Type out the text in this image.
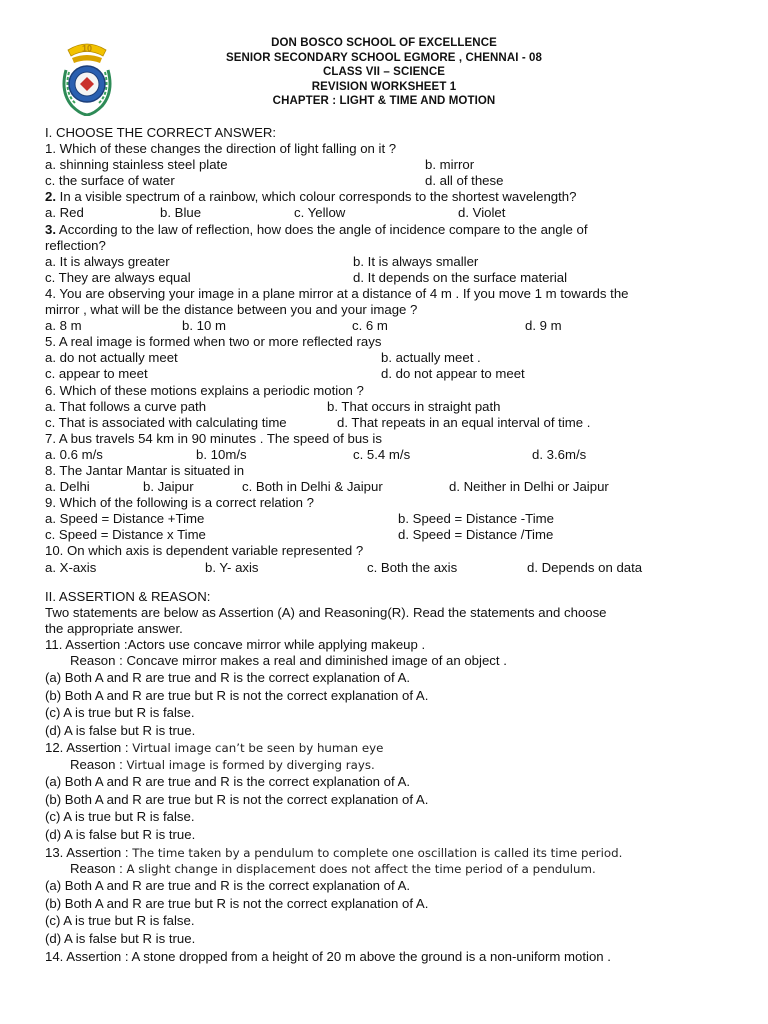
DON BOSCO SCHOOL OF EXCELLENCE
SENIOR SECONDARY SCHOOL EGMORE , CHENNAI - 08
CLASS VII – SCIENCE
REVISION WORKSHEET 1
CHAPTER : LIGHT & TIME AND MOTION
10
I. CHOOSE THE CORRECT ANSWER:
1. Which of these changes the direction of light falling on it ?
a. shinning stainless steel plate	b. mirror
c. the surface of water	d. all of these
2. In a visible spectrum of a rainbow, which colour corresponds to the shortest wavelength?
a. Red	b. Blue	c. Yellow	d. Violet
3. According to the law of reflection, how does the angle of incidence compare to the angle of
reflection?
a. It is always greater	b. It is always smaller
c. They are always equal	d. It depends on the surface material
4. You are observing your image in a plane mirror at a distance of 4 m . If you move 1 m towards the
mirror , what will be the distance between you and your image ?
a. 8 m	b. 10 m	c. 6 m	d. 9 m
5. A real image is formed when two or more reflected rays
a. do not actually meet	b. actually meet .
c. appear to meet	d. do not appear to meet
6. Which of these motions explains a periodic motion ?
a. That follows a curve path	b. That occurs in straight path
c. That is associated with calculating time	d. That repeats in an equal interval of time .
7. A bus travels 54 km in 90 minutes . The speed of bus is
a. 0.6 m/s	b. 10m/s	c. 5.4 m/s	d. 3.6m/s
8. The Jantar Mantar is situated in
a. Delhi	b. Jaipur	c. Both in Delhi & Jaipur	d. Neither in Delhi or Jaipur
9. Which of the following is a correct relation ?
a. Speed = Distance +Time	b. Speed = Distance -Time
c. Speed = Distance x Time	d. Speed = Distance /Time
10. On which axis is dependent variable represented ?
a. X-axis	b. Y- axis	c. Both the axis	d. Depends on data
II. ASSERTION & REASON:
Two statements are below as Assertion (A) and Reasoning(R). Read the statements and choose
the appropriate answer.
11. Assertion :Actors use concave mirror while applying makeup .
Reason : Concave mirror makes a real and diminished image of an object .
(a) Both A and R are true and R is the correct explanation of A.
(b) Both A and R are true but R is not the correct explanation of A.
(c) A is true but R is false.
(d) A is false but R is true.
12. Assertion : Virtual image can’t be seen by human eye
Reason : Virtual image is formed by diverging rays.
(a) Both A and R are true and R is the correct explanation of A.
(b) Both A and R are true but R is not the correct explanation of A.
(c) A is true but R is false.
(d) A is false but R is true.
13. Assertion : The time taken by a pendulum to complete one oscillation is called its time period.
Reason : A slight change in displacement does not affect the time period of a pendulum.
(a) Both A and R are true and R is the correct explanation of A.
(b) Both A and R are true but R is not the correct explanation of A.
(c) A is true but R is false.
(d) A is false but R is true.
14. Assertion : A stone dropped from a height of 20 m above the ground is a non-uniform motion .
